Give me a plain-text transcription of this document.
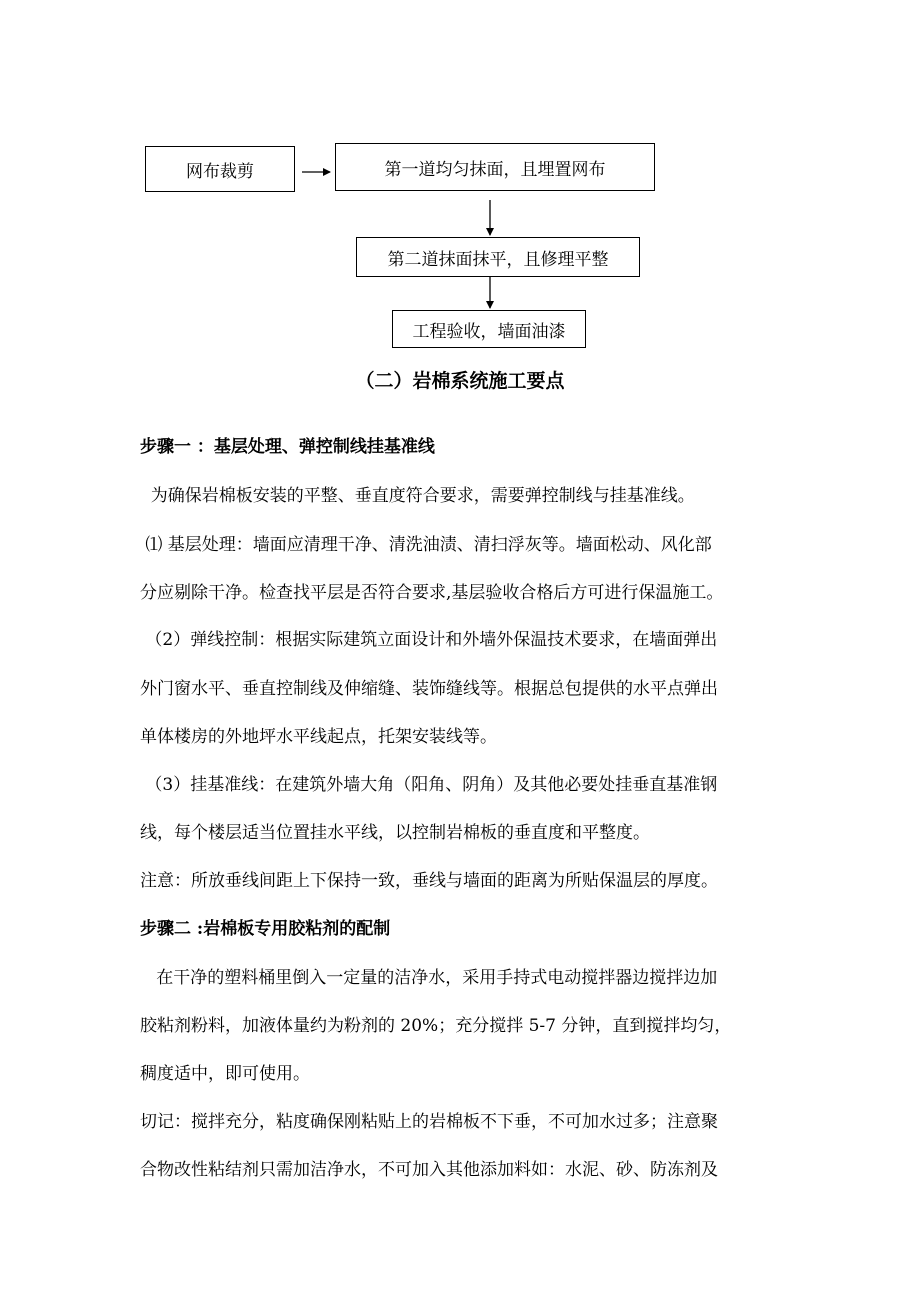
网布裁剪	第一道均匀抹面，且埋置网布
第二道抹面抹平，且修理平整
工程验收，墙面油漆
（二）岩棉系统施工要点
步骤一 ：基层处理、弹控制线挂基准线
为确保岩棉板安装的平整、垂直度符合要求，需要弹控制线与挂基准线。
⑴ 基层处理：墙面应清理干净、清洗油渍、清扫浮灰等。墙面松动、风化部
分应剔除干净。检查找平层是否符合要求,基层验收合格后方可进行保温施工。
（2）弹线控制：根据实际建筑立面设计和外墙外保温技术要求，在墙面弹出
外门窗水平、垂直控制线及伸缩缝、装饰缝线等。根据总包提供的水平点弹出
单体楼房的外地坪水平线起点，托架安装线等。
（3）挂基准线：在建筑外墙大角（阳角、阴角）及其他必要处挂垂直基准钢
线，每个楼层适当位置挂水平线，以控制岩棉板的垂直度和平整度。
注意：所放垂线间距上下保持一致，垂线与墙面的距离为所贴保温层的厚度。
步骤二 :岩棉板专用胶粘剂的配制
在干净的塑料桶里倒入一定量的洁净水，采用手持式电动搅拌器边搅拌边加
胶粘剂粉料，加液体量约为粉剂的 20%；充分搅拌 5-7 分钟，直到搅拌均匀，
稠度适中，即可使用。
切记：搅拌充分，粘度确保刚粘贴上的岩棉板不下垂，不可加水过多；注意聚
合物改性粘结剂只需加洁净水，不可加入其他添加料如：水泥、砂、防冻剂及
